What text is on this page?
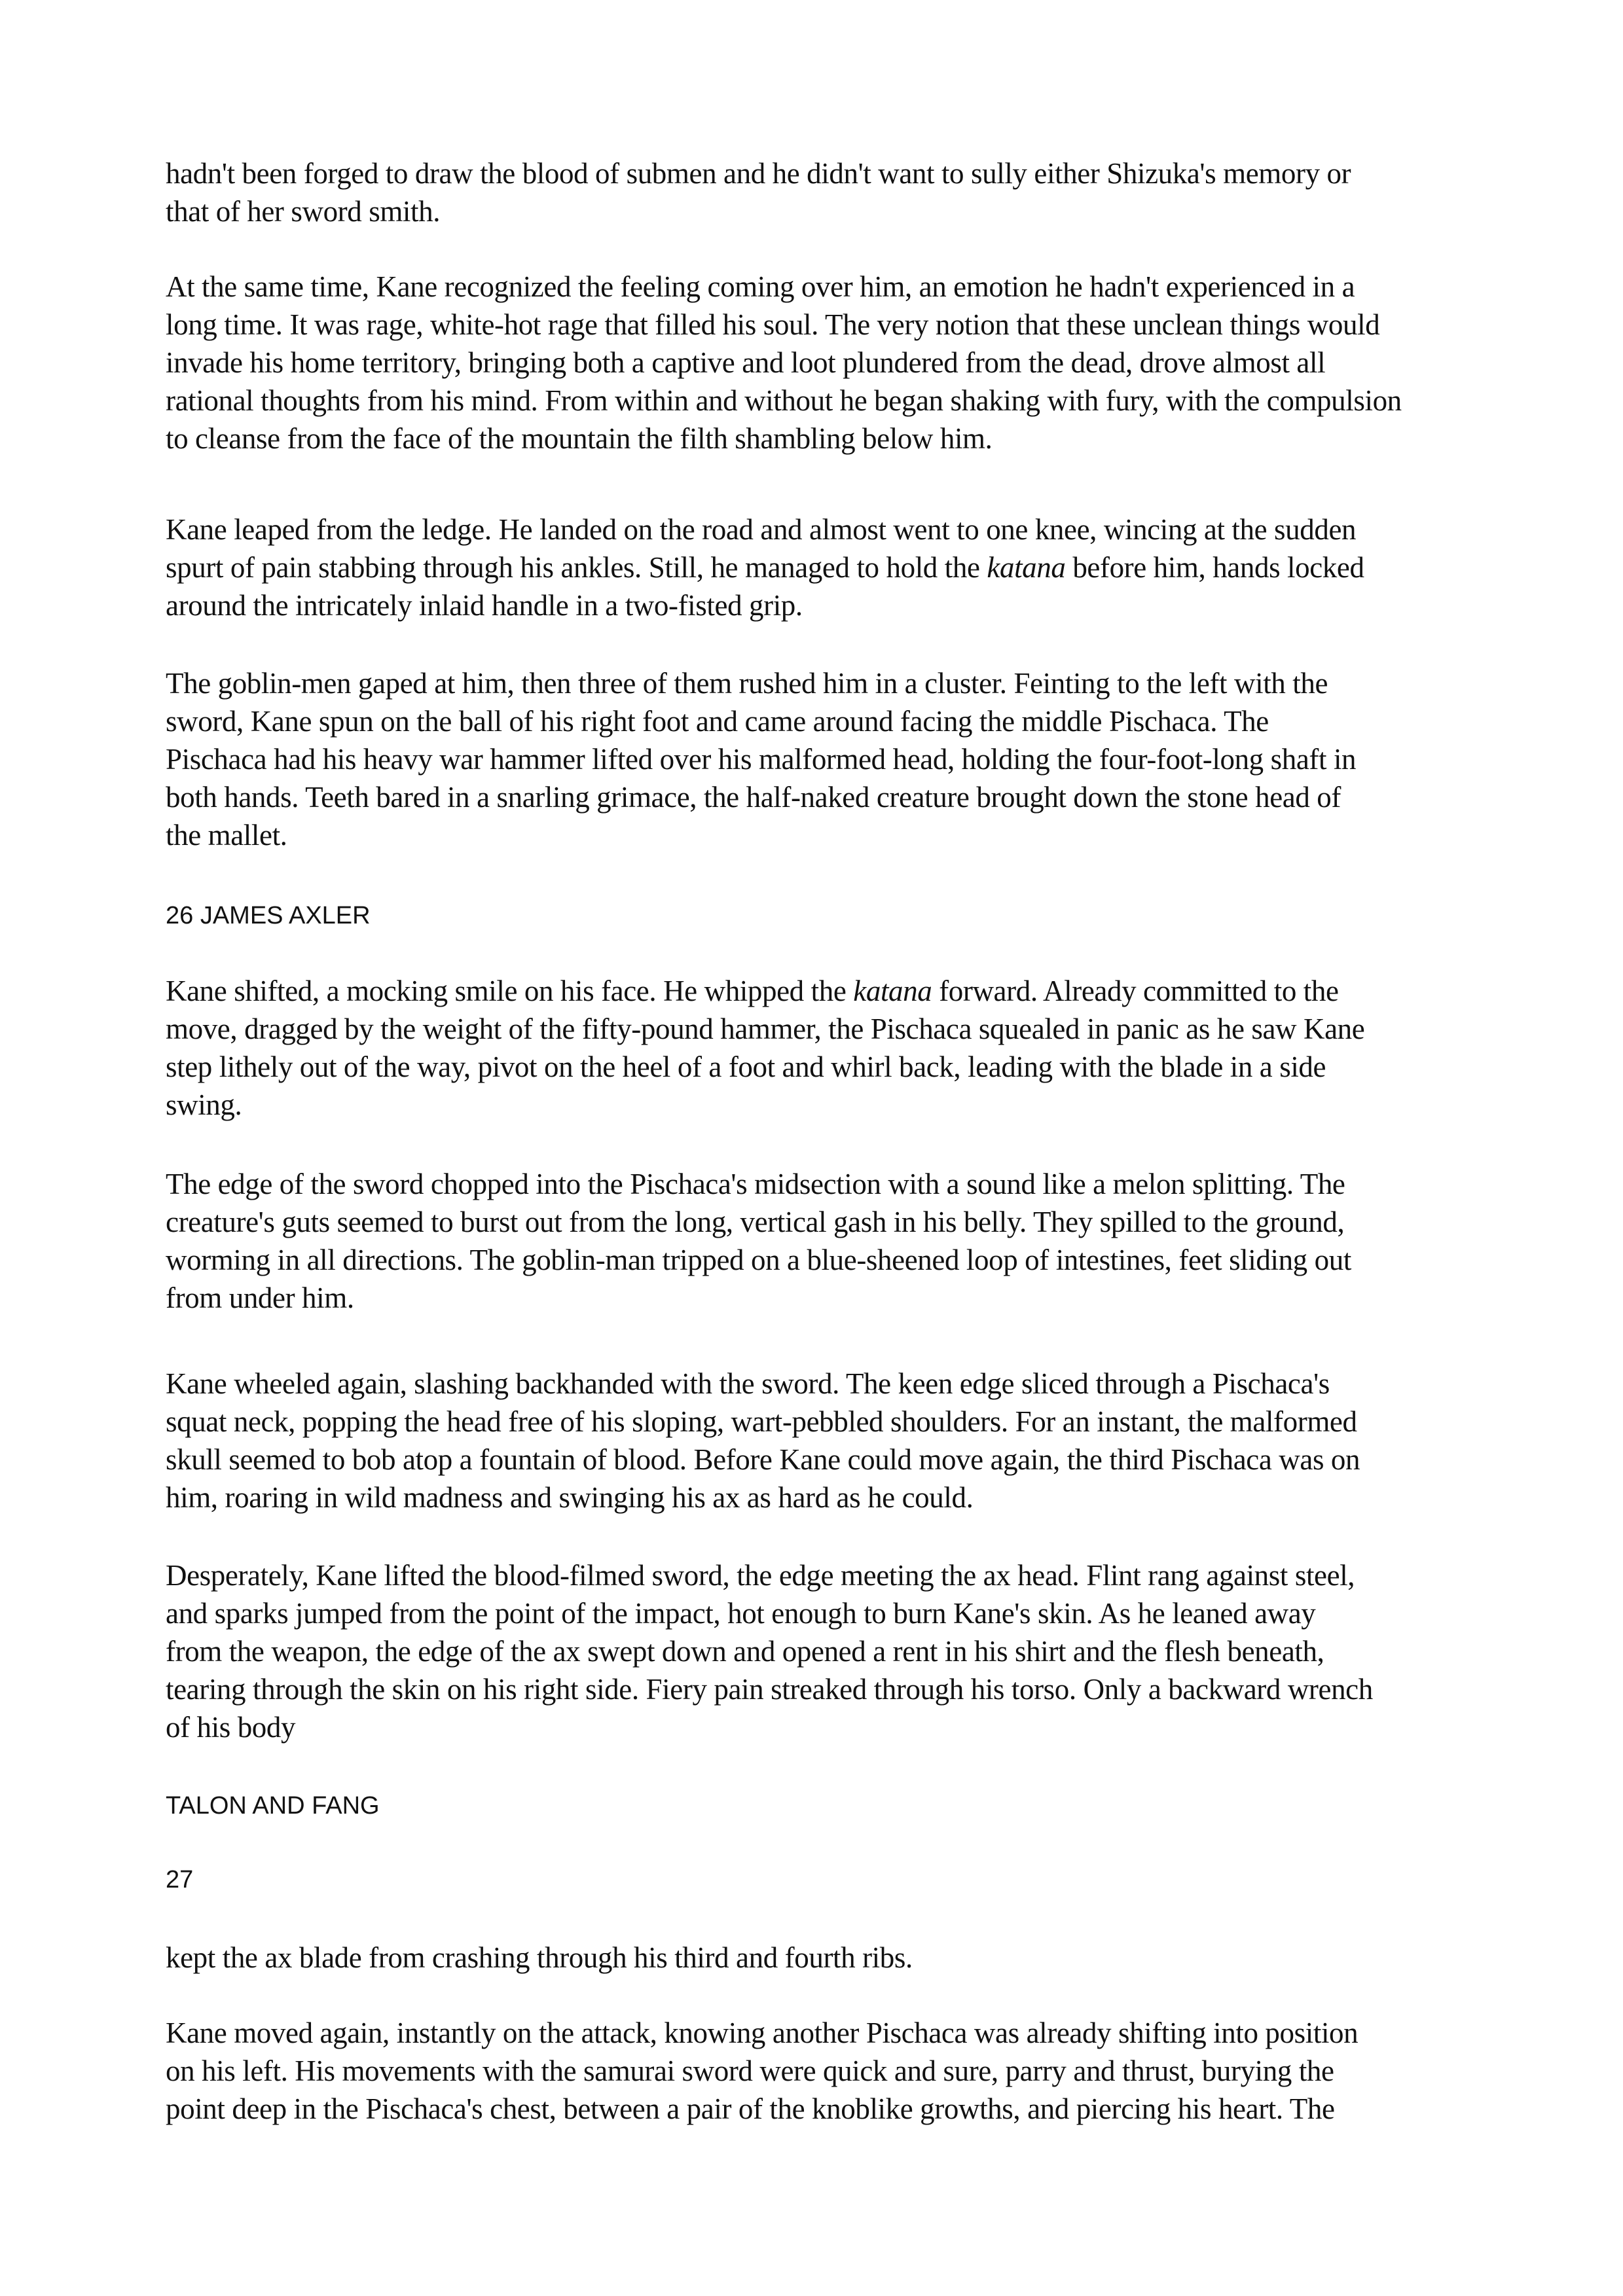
hadn't been forged to draw the blood of submen and he didn't want to sully either Shizuka's memory or
that of her sword smith.
At the same time, Kane recognized the feeling coming over him, an emotion he hadn't experienced in a
long time. It was rage, white-hot rage that filled his soul. The very notion that these unclean things would
invade his home territory, bringing both a captive and loot plundered from the dead, drove almost all
rational thoughts from his mind. From within and without he began shaking with fury, with the compulsion
to cleanse from the face of the mountain the filth shambling below him.
Kane leaped from the ledge. He landed on the road and almost went to one knee, wincing at the sudden
spurt of pain stabbing through his ankles. Still, he managed to hold the katana before him, hands locked
around the intricately inlaid handle in a two-fisted grip.
The goblin-men gaped at him, then three of them rushed him in a cluster. Feinting to the left with the
sword, Kane spun on the ball of his right foot and came around facing the middle Pischaca. The
Pischaca had his heavy war hammer lifted over his malformed head, holding the four-foot-long shaft in
both hands. Teeth bared in a snarling grimace, the half-naked creature brought down the stone head of
the mallet.
26 JAMES AXLER
Kane shifted, a mocking smile on his face. He whipped the katana forward. Already committed to the
move, dragged by the weight of the fifty-pound hammer, the Pischaca squealed in panic as he saw Kane
step lithely out of the way, pivot on the heel of a foot and whirl back, leading with the blade in a side
swing.
The edge of the sword chopped into the Pischaca's midsection with a sound like a melon splitting. The
creature's guts seemed to burst out from the long, vertical gash in his belly. They spilled to the ground,
worming in all directions. The goblin-man tripped on a blue-sheened loop of intestines, feet sliding out
from under him.
Kane wheeled again, slashing backhanded with the sword. The keen edge sliced through a Pischaca's
squat neck, popping the head free of his sloping, wart-pebbled shoulders. For an instant, the malformed
skull seemed to bob atop a fountain of blood. Before Kane could move again, the third Pischaca was on
him, roaring in wild madness and swinging his ax as hard as he could.
Desperately, Kane lifted the blood-filmed sword, the edge meeting the ax head. Flint rang against steel,
and sparks jumped from the point of the impact, hot enough to burn Kane's skin. As he leaned away
from the weapon, the edge of the ax swept down and opened a rent in his shirt and the flesh beneath,
tearing through the skin on his right side. Fiery pain streaked through his torso. Only a backward wrench
of his body
TALON AND FANG
27
kept the ax blade from crashing through his third and fourth ribs.
Kane moved again, instantly on the attack, knowing another Pischaca was already shifting into position
on his left. His movements with the samurai sword were quick and sure, parry and thrust, burying the
point deep in the Pischaca's chest, between a pair of the knoblike growths, and piercing his heart. The
